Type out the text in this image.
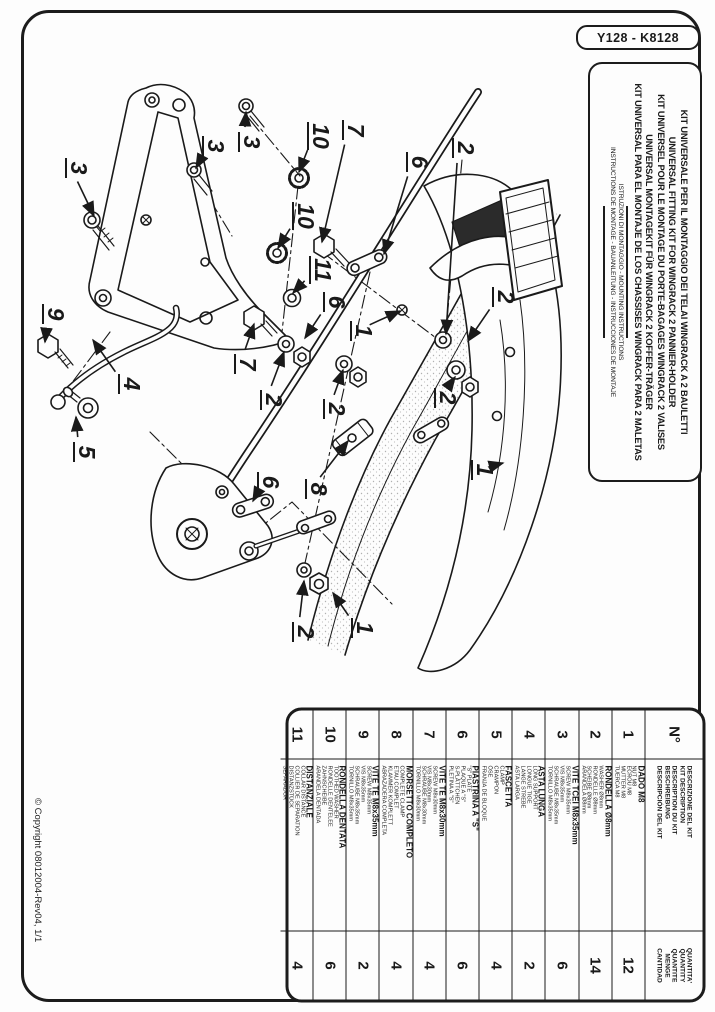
Y128 - K8128
3
3 3 10 7
6
2
10
11
6
9
4
5
7
2
2
1
8
6
2 1
2
2
1
KIT UNIVERSALE PER IL MONTAGGIO DEI TELAI WINGRACK A 2 BAULETTI
UNIVERSAL FITTING KIT FOR WINGRACK 2 PANNIER-HOLDER
KIT UNIVERSEL POUR LE MONTAGE DU PORTE-BAGAGES WINGRACK 2 VALISES
UNIVERSAL MONTAGEKIT FÜR WINGRACK 2 KOFFER-TRÄGER
KIT UNIVERSAL PARA EL MONTAJE DE LOS CHASSISES WINGRACK PARA 2 MALETAS
ISTRUZIONI DI MONTAGGIO - MOUNTING INSTRUCTIONS
INSTRUCTIONS DE MONTAGE - BAUANLEITUNG - INSTRUCCIONES DE MONTAJE
N°
DESCRIZIONE DEL KIT
KIT DESCRIPTION
DESCRIPTION DU KIT
BESCHREIBUNG
DESCRIPCIÓN DEL KIT
QUANTITA'
QUANTITY
QUANTITE
MENGE
CANTIDAD
1
DADO M8
NUT M8
ECROU M8
MUTTER M8
TUERCA M8
12
2
RONDELLA Ø8mm
WASHER Ø8mm
RONDELLE Ø8mm
SCHEIBE Ø8mm
ARANDELA Ø8mm
14
3
VITE TCEI M8x35mm
SCREW M8x35mm
VIS M8x35mm
SCHRAUBE M8x35mm
TORNILLO M8x35mm
6
4
ASTA LUNGA
LONG SUPPORT
LONGUE TIGE
LANGE STREBE
ASTA LARGA
2
5
FASCETTA
CLAMP
CRAMPON
ÖSE
FRANJA DE BLOQUE
4
6
PIASTRINA A "S"
"S" PLATE
PLAQUE A "S"
S-PLÄTTCHEN
PLETINA A "S"
6
7
VITE TE M8x30mm
SCREW M8x30mm
VIS M8x30mm
SCHRAUBE M8x30mm
TORNILLO M8x30mm
4
8
MORSETTO COMPLETO
COMPLETE CLAMP
ETAU COMPLET
KLAMMER KOMPLETT
ABRAZADERA COMPLETA
4
9
VITE TE M8x35mm
SCREW M8x35mm
VIS M8x35mm
SCHRAUBE M8x35mm
TORNILLO M8x35mm
2
10
RONDELLA DENTATA
TOOTHED WASHER
RONDELLE DENTELEE
ZAHNSCHEIBE
ARANDELA DENTADA
6
11
DISTANZIALE
COLLAR DISTANCE
COLLIER DE SEPARATION
DISTANZSTÜCK
SEPARADOR
4
© Copyright 08012004-Rev04, 1/1
